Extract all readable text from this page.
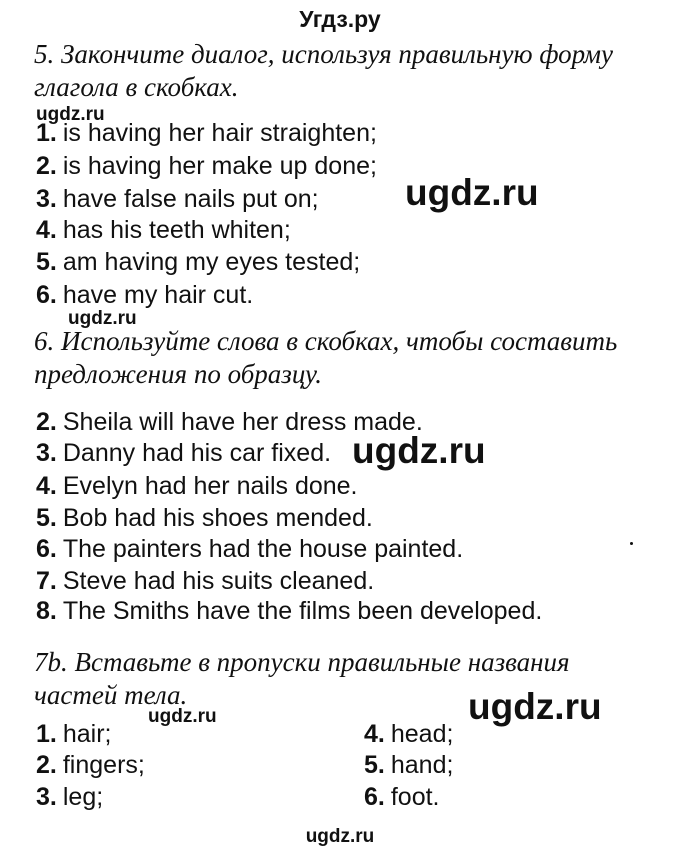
Угдз.ру
5. Закончите диалог, используя правильную форму глагола в скобках.
ugdz.ru
1. is having her hair straighten;
2. is having her make up done;
3. have false nails put on;
4. has his teeth whiten;
5. am having my eyes tested;
6. have my hair cut.
ugdz.ru
ugdz.ru
6. Используйте слова в скобках, чтобы составить предложения по образцу.
2. Sheila will have her dress made.
3. Danny had his car fixed.
4. Evelyn had her nails done.
5. Bob had his shoes mended.
6. The painters had the house painted.
7. Steve had his suits cleaned.
8. The Smiths have the films been developed.
ugdz.ru
7b. Вставьте в пропуски правильные названия частей тела.
ugdz.ru	ugdz.ru
1. hair;
2. fingers;
3. leg;
4. head;
5. hand;
6. foot.
ugdz.ru
